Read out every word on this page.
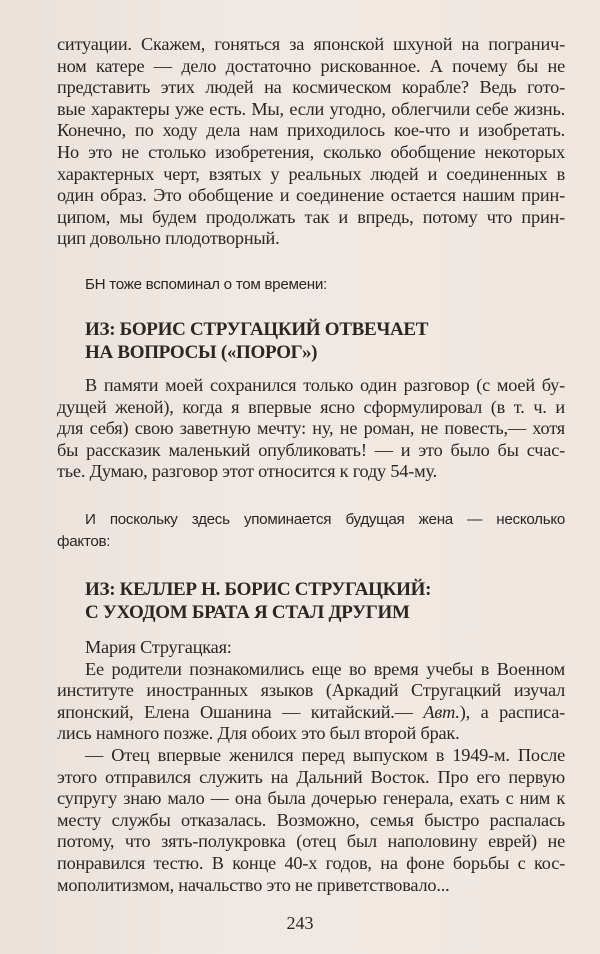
ситуации. Скажем, гоняться за японской шхуной на погранич-
ном катере — дело достаточно рискованное. А почему бы не
представить этих людей на космическом корабле? Ведь гото-
вые характеры уже есть. Мы, если угодно, облегчили себе жизнь.
Конечно, по ходу дела нам приходилось кое-что и изобретать.
Но это не столько изобретения, сколько обобщение некоторых
характерных черт, взятых у реальных людей и соединенных в
один образ. Это обобщение и соединение остается нашим прин-
ципом, мы будем продолжать так и впредь, потому что прин-
цип довольно плодотворный.
БН тоже вспоминал о том времени:
ИЗ: БОРИС СТРУГАЦКИЙ ОТВЕЧАЕТ
НА ВОПРОСЫ («ПОРОГ»)
В памяти моей сохранился только один разговор (с моей бу-
дущей женой), когда я впервые ясно сформулировал (в т. ч. и
для себя) свою заветную мечту: ну, не роман, не повесть,— хотя
бы рассказик маленький опубликовать! — и это было бы счас-
тье. Думаю, разговор этот относится к году 54-му.
И поскольку здесь упоминается будущая жена — несколько
фактов:
ИЗ: КЕЛЛЕР Н. БОРИС СТРУГАЦКИЙ:
С УХОДОМ БРАТА Я СТАЛ ДРУГИМ
Мария Стругацкая:
Ее родители познакомились еще во время учебы в Военном
институте иностранных языков (Аркадий Стругацкий изучал
японский, Елена Ошанина — китайский.— Авт.), а расписа-
лись намного позже. Для обоих это был второй брак.
— Отец впервые женился перед выпуском в 1949-м. После
этого отправился служить на Дальний Восток. Про его первую
супругу знаю мало — она была дочерью генерала, ехать с ним к
месту службы отказалась. Возможно, семья быстро распалась
потому, что зять-полукровка (отец был наполовину еврей) не
понравился тестю. В конце 40-х годов, на фоне борьбы с кос-
мополитизмом, начальство это не приветствовало...
243
